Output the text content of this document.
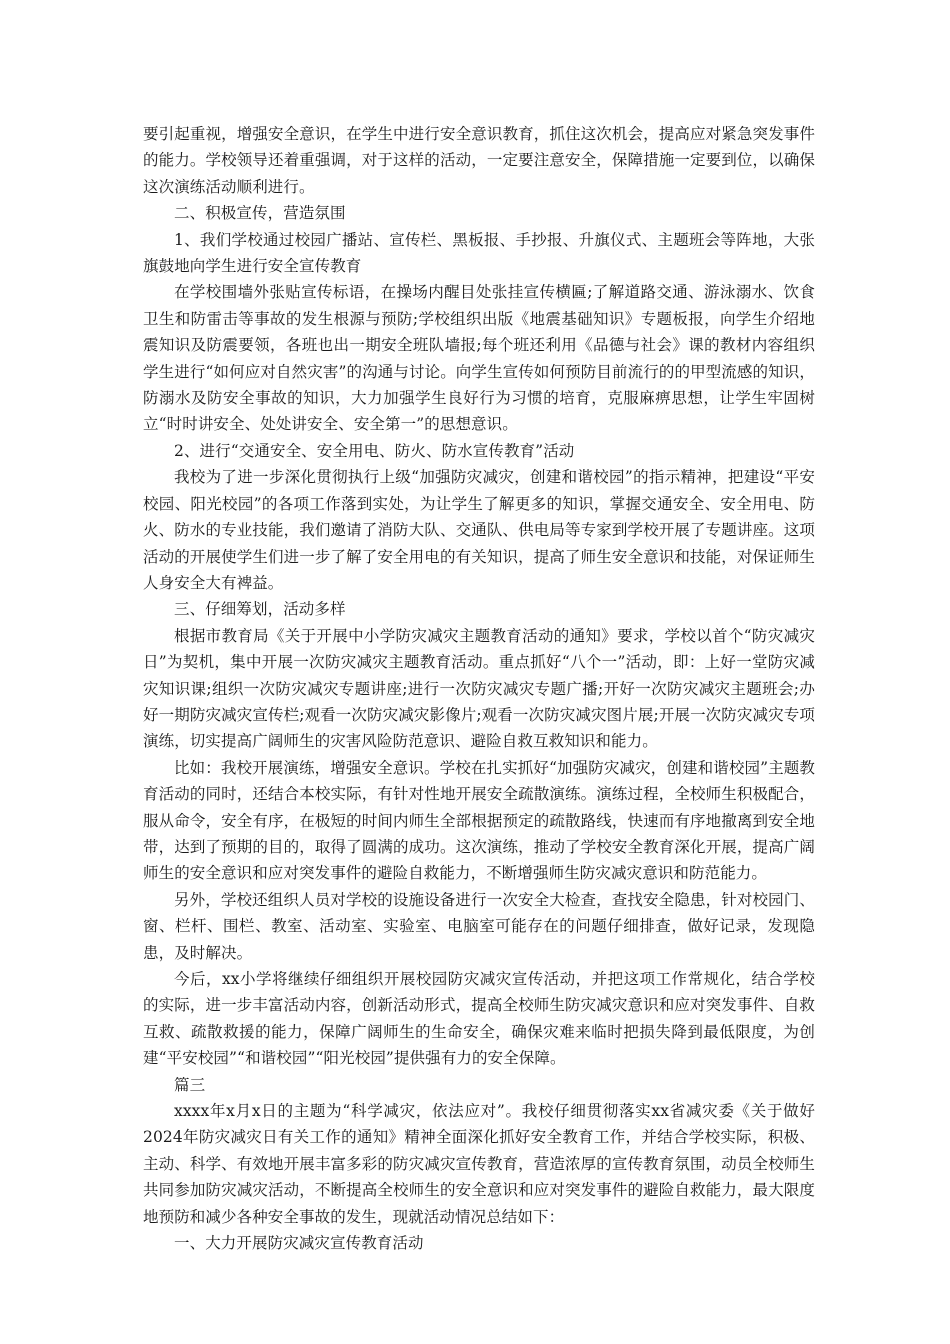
要引起重视，增强安全意识，在学生中进行安全意识教育，抓住这次机会，提高应对紧急突发事件的能力。学校领导还着重强调，对于这样的活动，一定要注意安全，保障措施一定要到位，以确保这次演练活动顺利进行。

二、积极宣传，营造氛围

1、我们学校通过校园广播站、宣传栏、黑板报、手抄报、升旗仪式、主题班会等阵地，大张旗鼓地向学生进行安全宣传教育

在学校围墙外张贴宣传标语，在操场内醒目处张挂宣传横匾;了解道路交通、游泳溺水、饮食卫生和防雷击等事故的发生根源与预防;学校组织出版《地震基础知识》专题板报，向学生介绍地震知识及防震要领，各班也出一期安全班队墙报;每个班还利用《品德与社会》课的教材内容组织学生进行“如何应对自然灾害”的沟通与讨论。向学生宣传如何预防目前流行的的甲型流感的知识，防溺水及防安全事故的知识，大力加强学生良好行为习惯的培育，克服麻痹思想，让学生牢固树立“时时讲安全、处处讲安全、安全第一”的思想意识。

2、进行“交通安全、安全用电、防火、防水宣传教育”活动

我校为了进一步深化贯彻执行上级“加强防灾减灾，创建和谐校园”的指示精神，把建设“平安校园、阳光校园”的各项工作落到实处，为让学生了解更多的知识，掌握交通安全、安全用电、防火、防水的专业技能，我们邀请了消防大队、交通队、供电局等专家到学校开展了专题讲座。这项活动的开展使学生们进一步了解了安全用电的有关知识，提高了师生安全意识和技能，对保证师生人身安全大有裨益。

三、仔细筹划，活动多样

根据市教育局《关于开展中小学防灾减灾主题教育活动的通知》要求，学校以首个“防灾减灾日”为契机，集中开展一次防灾减灾主题教育活动。重点抓好“八个一”活动，即：上好一堂防灾减灾知识课;组织一次防灾减灾专题讲座;进行一次防灾减灾专题广播;开好一次防灾减灾主题班会;办好一期防灾减灾宣传栏;观看一次防灾减灾影像片;观看一次防灾减灾图片展;开展一次防灾减灾专项演练，切实提高广阔师生的灾害风险防范意识、避险自救互救知识和能力。

比如：我校开展演练，增强安全意识。学校在扎实抓好“加强防灾减灾，创建和谐校园”主题教育活动的同时，还结合本校实际，有针对性地开展安全疏散演练。演练过程，全校师生积极配合，服从命令，安全有序，在极短的时间内师生全部根据预定的疏散路线，快速而有序地撤离到安全地带，达到了预期的目的，取得了圆满的成功。这次演练，推动了学校安全教育深化开展，提高广阔师生的安全意识和应对突发事件的避险自救能力，不断增强师生防灾减灾意识和防范能力。

另外，学校还组织人员对学校的设施设备进行一次安全大检查，查找安全隐患，针对校园门、窗、栏杆、围栏、教室、活动室、实验室、电脑室可能存在的问题仔细排查，做好记录，发现隐患，及时解决。

今后，xx小学将继续仔细组织开展校园防灾减灾宣传活动，并把这项工作常规化，结合学校的实际，进一步丰富活动内容，创新活动形式，提高全校师生防灾减灾意识和应对突发事件、自救互救、疏散救援的能力，保障广阔师生的生命安全，确保灾难来临时把损失降到最低限度，为创建“平安校园”“和谐校园”“阳光校园”提供强有力的安全保障。

篇三

xxxx年x月x日的主题为“科学减灾，依法应对”。我校仔细贯彻落实xx省减灾委《关于做好2024年防灾减灾日有关工作的通知》精神全面深化抓好安全教育工作，并结合学校实际，积极、主动、科学、有效地开展丰富多彩的防灾减灾宣传教育，营造浓厚的宣传教育氛围，动员全校师生共同参加防灾减灾活动，不断提高全校师生的安全意识和应对突发事件的避险自救能力，最大限度地预防和减少各种安全事故的发生，现就活动情况总结如下：

一、大力开展防灾减灾宣传教育活动
